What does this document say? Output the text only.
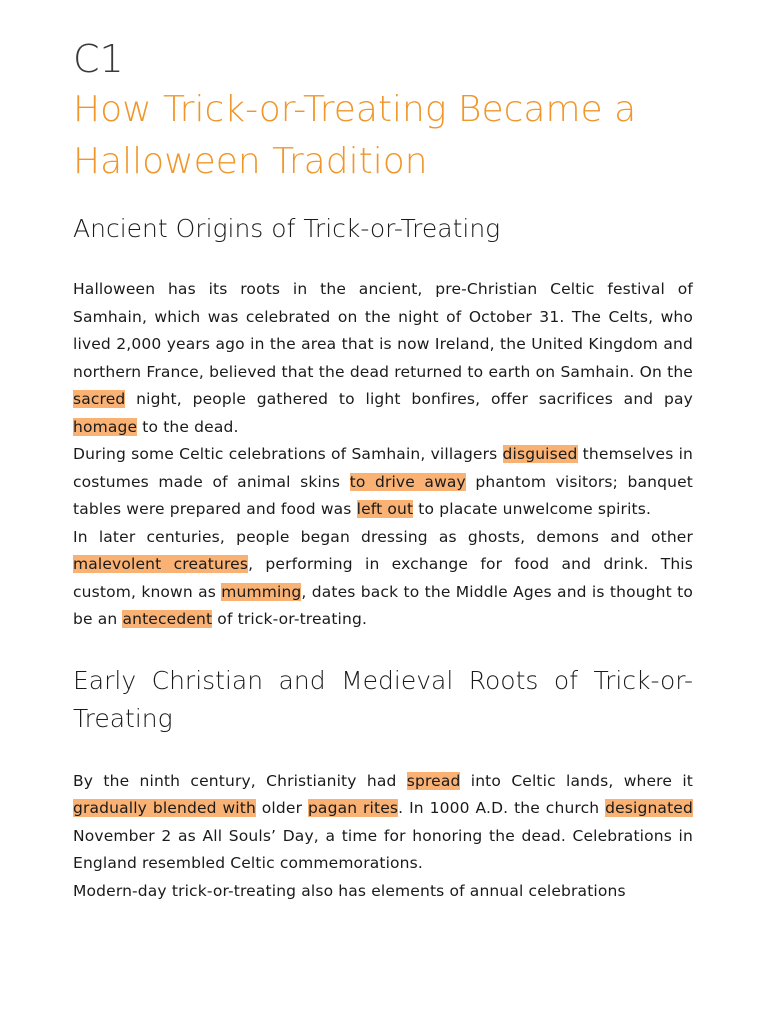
C1
How Trick-or-Treating Became a Halloween Tradition
Ancient Origins of Trick-or-Treating

Halloween has its roots in the ancient, pre-Christian Celtic festival of Samhain, which was celebrated on the night of October 31. The Celts, who lived 2,000 years ago in the area that is now Ireland, the United Kingdom and northern France, believed that the dead returned to earth on Samhain. On the sacred night, people gathered to light bonfires, offer sacrifices and pay homage to the dead.

During some Celtic celebrations of Samhain, villagers disguised themselves in costumes made of animal skins to drive away phantom visitors; banquet tables were prepared and food was left out to placate unwelcome spirits.

In later centuries, people began dressing as ghosts, demons and other malevolent creatures, performing in exchange for food and drink. This custom, known as mumming, dates back to the Middle Ages and is thought to be an antecedent of trick-or-treating.

Early Christian and Medieval Roots of Trick-or-Treating

By the ninth century, Christianity had spread into Celtic lands, where it gradually blended with older pagan rites. In 1000 A.D. the church designated November 2 as All Souls’ Day, a time for honoring the dead. Celebrations in England resembled Celtic commemorations.

Modern-day trick-or-treating also has elements of annual celebrations
